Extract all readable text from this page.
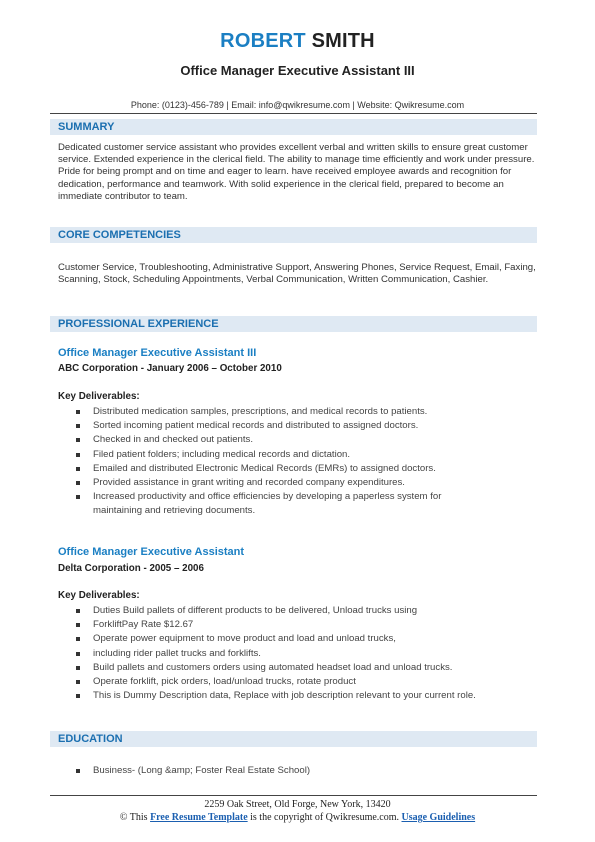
ROBERT SMITH
Office Manager Executive Assistant III
Phone: (0123)-456-789 | Email: info@qwikresume.com | Website: Qwikresume.com
SUMMARY
Dedicated customer service assistant who provides excellent verbal and written skills to ensure great customer service. Extended experience in the clerical field. The ability to manage time efficiently and work under pressure. Pride for being prompt and on time and eager to learn. have received employee awards and recognition for dedication, performance and teamwork. With solid experience in the clerical field, prepared to become an immediate contributor to team.
CORE COMPETENCIES
Customer Service, Troubleshooting, Administrative Support, Answering Phones, Service Request, Email, Faxing, Scanning, Stock, Scheduling Appointments, Verbal Communication, Written Communication, Cashier.
PROFESSIONAL EXPERIENCE
Office Manager Executive Assistant III
ABC Corporation - January 2006 – October 2010
Key Deliverables:
Distributed medication samples, prescriptions, and medical records to patients.
Sorted incoming patient medical records and distributed to assigned doctors.
Checked in and checked out patients.
Filed patient folders; including medical records and dictation.
Emailed and distributed Electronic Medical Records (EMRs) to assigned doctors.
Provided assistance in grant writing and recorded company expenditures.
Increased productivity and office efficiencies by developing a paperless system for
maintaining and retrieving documents.
Office Manager Executive Assistant
Delta Corporation - 2005 – 2006
Key Deliverables:
Duties Build pallets of different products to be delivered, Unload trucks using
ForkliftPay Rate $12.67
Operate power equipment to move product and load and unload trucks,
including rider pallet trucks and forklifts.
Build pallets and customers orders using automated headset load and unload trucks.
Operate forklift, pick orders, load/unload trucks, rotate product
This is Dummy Description data, Replace with job description relevant to your current role.
EDUCATION
Business- (Long &amp; Foster Real Estate School)
2259 Oak Street, Old Forge, New York, 13420
© This Free Resume Template is the copyright of Qwikresume.com. Usage Guidelines
